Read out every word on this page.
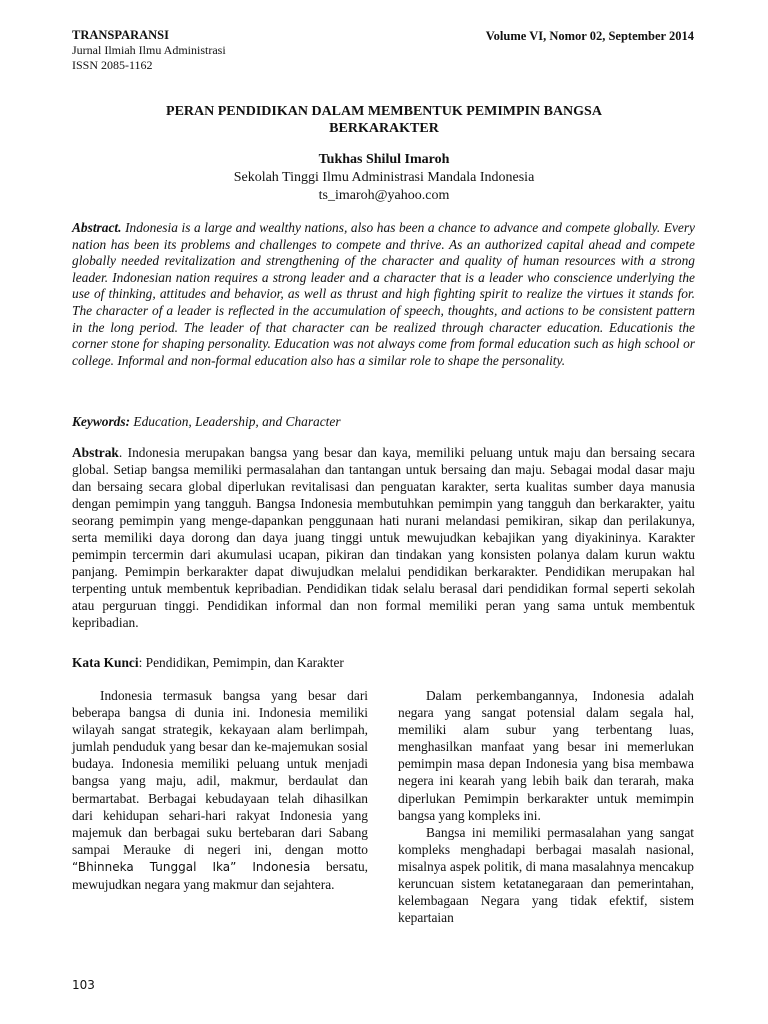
TRANSPARANSI
Jurnal Ilmiah Ilmu Administrasi
ISSN 2085-1162
Volume VI, Nomor 02, September 2014
PERAN PENDIDIKAN DALAM MEMBENTUK PEMIMPIN BANGSA BERKARAKTER
Tukhas Shilul Imaroh
Sekolah Tinggi Ilmu Administrasi Mandala Indonesia
ts_imaroh@yahoo.com
Abstract. Indonesia is a large and wealthy nations, also has been a chance to advance and compete globally. Every nation has been its problems and challenges to compete and thrive. As an authorized capital ahead and compete globally needed revitalization and strengthening of the character and quality of human resources with a strong leader. Indonesian nation requires a strong leader and a character that is a leader who conscience underlying the use of thinking, attitudes and behavior, as well as thrust and high fighting spirit to realize the virtues it stands for. The character of a leader is reflected in the accumulation of speech, thoughts, and actions to be consistent pattern in the long period. The leader of that character can be realized through character education. Educationis the corner stone for shaping personality. Education was not always come from formal education such as high school or college. Informal and non-formal education also has a similar role to shape the personality.
Keywords: Education, Leadership, and Character
Abstrak. Indonesia merupakan bangsa yang besar dan kaya, memiliki peluang untuk maju dan bersaing secara global. Setiap bangsa memiliki permasalahan dan tantangan untuk bersaing dan maju. Sebagai modal dasar maju dan bersaing secara global diperlukan revitalisasi dan penguatan karakter, serta kualitas sumber daya manusia dengan pemimpin yang tangguh. Bangsa Indonesia membutuhkan pemimpin yang tangguh dan berkarakter, yaitu seorang pemimpin yang menge-dapankan penggunaan hati nurani melandasi pemikiran, sikap dan perilakunya, serta memiliki daya dorong dan daya juang tinggi untuk mewujudkan kebajikan yang diyakininya. Karakter pemimpin tercermin dari akumulasi ucapan, pikiran dan tindakan yang konsisten polanya dalam kurun waktu panjang. Pemimpin berkarakter dapat diwujudkan melalui pendidikan berkarakter. Pendidikan merupakan hal terpenting untuk membentuk kepribadian. Pendidikan tidak selalu berasal dari pendidikan formal seperti sekolah atau perguruan tinggi. Pendidikan informal dan non formal memiliki peran yang sama untuk membentuk kepribadian.
Kata Kunci: Pendidikan, Pemimpin, dan Karakter

Indonesia termasuk bangsa yang besar dari beberapa bangsa di dunia ini. Indonesia memiliki wilayah sangat strategik, kekayaan alam berlimpah, jumlah penduduk yang besar dan ke-majemukan sosial budaya. Indonesia memiliki peluang untuk menjadi bangsa yang maju, adil, makmur, berdaulat dan bermartabat. Berbagai kebudayaan telah dihasilkan dari kehidupan sehari-hari rakyat Indonesia yang majemuk dan berbagai suku bertebaran dari Sabang sampai Merauke di negeri ini, dengan motto “Bhinneka Tunggal Ika” Indonesia bersatu, mewujudkan negara yang makmur dan sejahtera.

Dalam perkembangannya, Indonesia adalah negara yang sangat potensial dalam segala hal, memiliki alam subur yang terbentang luas, menghasilkan manfaat yang besar ini memerlukan pemimpin masa depan Indonesia yang bisa membawa negera ini kearah yang lebih baik dan terarah, maka diperlukan Pemimpin berkarakter untuk memimpin bangsa yang kompleks ini.

Bangsa ini memiliki permasalahan yang sangat kompleks menghadapi berbagai masalah nasional, misalnya aspek politik, di mana masalahnya mencakup keruncuan sistem ketatanegaraan dan pemerintahan, kelembagaan Negara yang tidak efektif, sistem kepartaian

103
